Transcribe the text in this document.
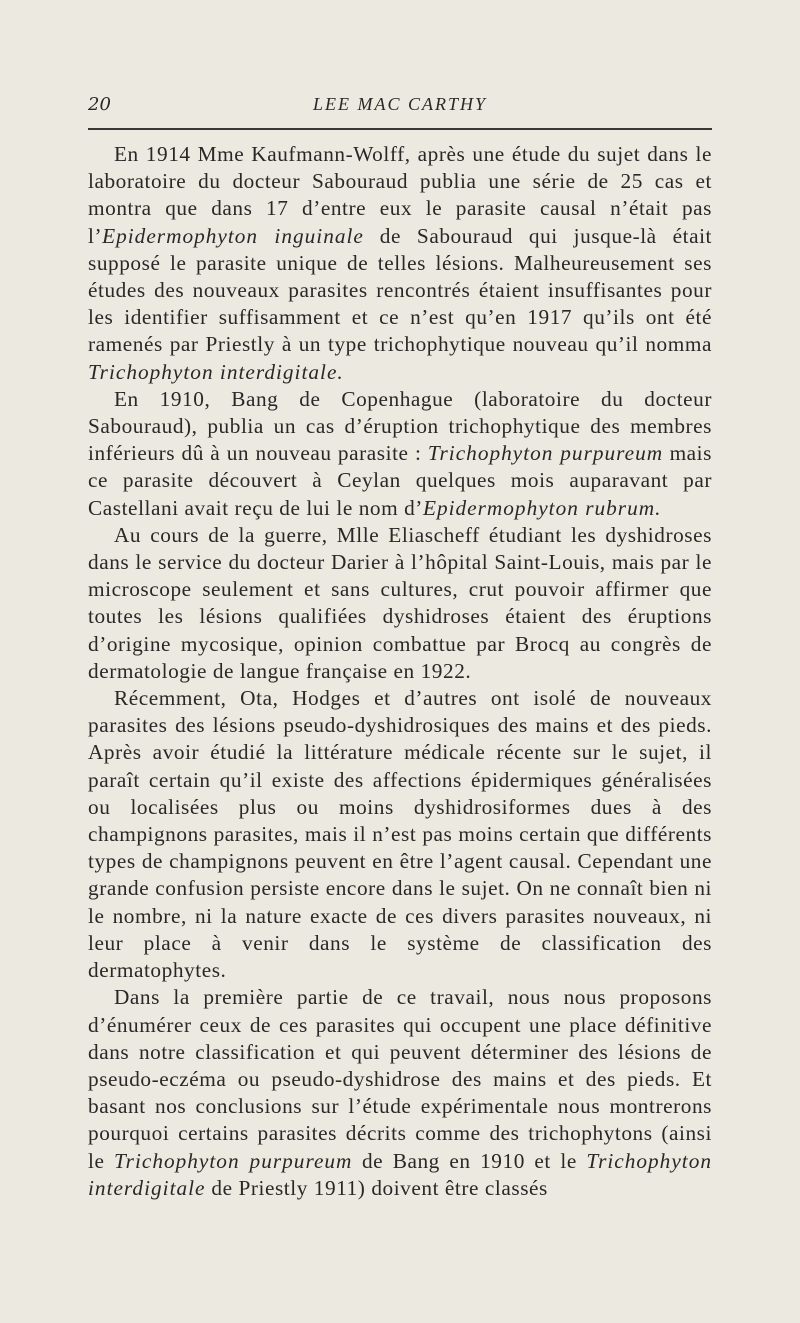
20	LEE MAC CARTHY

En 1914 Mme Kaufmann-Wolff, après une étude du sujet dans le laboratoire du docteur Sabouraud publia une série de 25 cas et montra que dans 17 d’entre eux le parasite causal n’était pas l’Epidermophyton inguinale de Sabouraud qui jusque-là était supposé le parasite unique de telles lésions. Malheureusement ses études des nouveaux parasites rencontrés étaient insuffisantes pour les identifier suffisamment et ce n’est qu’en 1917 qu’ils ont été ramenés par Priestly à un type trichophytique nouveau qu’il nomma Trichophyton interdigitale.

En 1910, Bang de Copenhague (laboratoire du docteur Sabouraud), publia un cas d’éruption trichophytique des membres inférieurs dû à un nouveau parasite : Trichophyton purpureum mais ce parasite découvert à Ceylan quelques mois auparavant par Castellani avait reçu de lui le nom d’Epidermophyton rubrum.

Au cours de la guerre, Mlle Eliascheff étudiant les dyshidroses dans le service du docteur Darier à l’hôpital Saint-Louis, mais par le microscope seulement et sans cultures, crut pouvoir affirmer que toutes les lésions qualifiées dyshidroses étaient des éruptions d’origine mycosique, opinion combattue par Brocq au congrès de dermatologie de langue française en 1922.

Récemment, Ota, Hodges et d’autres ont isolé de nouveaux parasites des lésions pseudo-dyshidrosiques des mains et des pieds. Après avoir étudié la littérature médicale récente sur le sujet, il paraît certain qu’il existe des affections épidermiques généralisées ou localisées plus ou moins dyshidrosiformes dues à des champignons parasites, mais il n’est pas moins certain que différents types de champignons peuvent en être l’agent causal. Cependant une grande confusion persiste encore dans le sujet. On ne connaît bien ni le nombre, ni la nature exacte de ces divers parasites nouveaux, ni leur place à venir dans le système de classification des dermatophytes.

Dans la première partie de ce travail, nous nous proposons d’énumérer ceux de ces parasites qui occupent une place définitive dans notre classification et qui peuvent déterminer des lésions de pseudo-eczéma ou pseudo-dyshidrose des mains et des pieds. Et basant nos conclusions sur l’étude expérimentale nous montrerons pourquoi certains parasites décrits comme des trichophytons (ainsi le Trichophyton purpureum de Bang en 1910 et le Trichophyton interdigitale de Priestly 1911) doivent être classés
